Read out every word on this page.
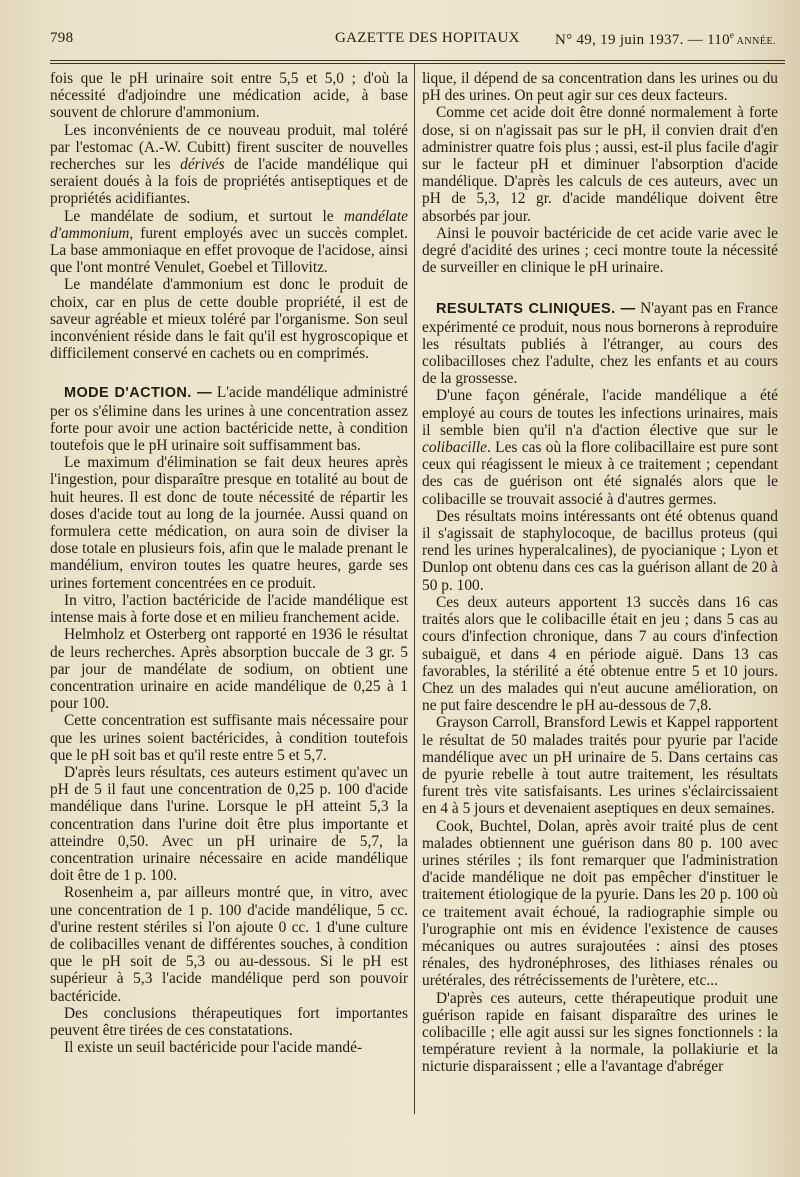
798	GAZETTE DES HOPITAUX N° 49, 19 juin 1937. — 110e ANNÉE.

fois que le pH urinaire soit entre 5,5 et 5,0 ; d'où la nécessité d'adjoindre une médication acide, à base souvent de chlorure d'ammonium.

Les inconvénients de ce nouveau produit, mal toléré par l'estomac (A.-W. Cubitt) firent susciter de nouvelles recherches sur les dérivés de l'acide mandélique qui seraient doués à la fois de propriétés antiseptiques et de propriétés acidifiantes.

Le mandélate de sodium, et surtout le mandélate d'ammonium, furent employés avec un succès complet. La base ammoniaque en effet provoque de l'acidose, ainsi que l'ont montré Venulet, Goebel et Tillovitz.

Le mandélate d'ammonium est donc le produit de choix, car en plus de cette double propriété, il est de saveur agréable et mieux toléré par l'organisme. Son seul inconvénient réside dans le fait qu'il est hygroscopique et difficilement conservé en cachets ou en comprimés.

MODE D'ACTION. — L'acide mandélique administré per os s'élimine dans les urines à une concentration assez forte pour avoir une action bactéricide nette, à condition toutefois que le pH urinaire soit suffisamment bas.

Le maximum d'élimination se fait deux heures après l'ingestion, pour disparaître presque en totalité au bout de huit heures. Il est donc de toute nécessité de répartir les doses d'acide tout au long de la journée. Aussi quand on formulera cette médication, on aura soin de diviser la dose totale en plusieurs fois, afin que le malade prenant le mandélium, environ toutes les quatre heures, garde ses urines fortement concentrées en ce produit.

In vitro, l'action bactéricide de l'acide mandélique est intense mais à forte dose et en milieu franchement acide.

Helmholz et Osterberg ont rapporté en 1936 le résultat de leurs recherches. Après absorption buccale de 3 gr. 5 par jour de mandélate de sodium, on obtient une concentration urinaire en acide mandélique de 0,25 à 1 pour 100.

Cette concentration est suffisante mais nécessaire pour que les urines soient bactéricides, à condition toutefois que le pH soit bas et qu'il reste entre 5 et 5,7.

D'après leurs résultats, ces auteurs estiment qu'avec un pH de 5 il faut une concentration de 0,25 p. 100 d'acide mandélique dans l'urine. Lorsque le pH atteint 5,3 la concentration dans l'urine doit être plus importante et atteindre 0,50. Avec un pH urinaire de 5,7, la concentration urinaire nécessaire en acide mandélique doit être de 1 p. 100.

Rosenheim a, par ailleurs montré que, in vitro, avec une concentration de 1 p. 100 d'acide mandélique, 5 cc. d'urine restent stériles si l'on ajoute 0 cc. 1 d'une culture de colibacilles venant de différentes souches, à condition que le pH soit de 5,3 ou au-dessous. Si le pH est supérieur à 5,3 l'acide mandélique perd son pouvoir bactéricide.

Des conclusions thérapeutiques fort importantes peuvent être tirées de ces constatations.

Il existe un seuil bactéricide pour l'acide mandé-

lique, il dépend de sa concentration dans les urines ou du pH des urines. On peut agir sur ces deux facteurs.

Comme cet acide doit être donné normalement à forte dose, si on n'agissait pas sur le pH, il convien drait d'en administrer quatre fois plus ; aussi, est-il plus facile d'agir sur le facteur pH et diminuer l'absorption d'acide mandélique. D'après les calculs de ces auteurs, avec un pH de 5,3, 12 gr. d'acide mandélique doivent être absorbés par jour.

Ainsi le pouvoir bactéricide de cet acide varie avec le degré d'acidité des urines ; ceci montre toute la nécessité de surveiller en clinique le pH urinaire.

RESULTATS CLINIQUES. — N'ayant pas en France expérimenté ce produit, nous nous bornerons à reproduire les résultats publiés à l'étranger, au cours des colibacilloses chez l'adulte, chez les enfants et au cours de la grossesse.

D'une façon générale, l'acide mandélique a été employé au cours de toutes les infections urinaires, mais il semble bien qu'il n'a d'action élective que sur le colibacille. Les cas où la flore colibacillaire est pure sont ceux qui réagissent le mieux à ce traitement ; cependant des cas de guérison ont été signalés alors que le colibacille se trouvait associé à d'autres germes.

Des résultats moins intéressants ont été obtenus quand il s'agissait de staphylocoque, de bacillus proteus (qui rend les urines hyperalcalines), de pyocianique ; Lyon et Dunlop ont obtenu dans ces cas la guérison allant de 20 à 50 p. 100.

Ces deux auteurs apportent 13 succès dans 16 cas traités alors que le colibacille était en jeu ; dans 5 cas au cours d'infection chronique, dans 7 au cours d'infection subaiguë, et dans 4 en période aiguë. Dans 13 cas favorables, la stérilité a été obtenue entre 5 et 10 jours. Chez un des malades qui n'eut aucune amélioration, on ne put faire descendre le pH au-dessous de 7,8.

Grayson Carroll, Bransford Lewis et Kappel rapportent le résultat de 50 malades traités pour pyurie par l'acide mandélique avec un pH urinaire de 5. Dans certains cas de pyurie rebelle à tout autre traitement, les résultats furent très vite satisfaisants. Les urines s'éclaircissaient en 4 à 5 jours et devenaient aseptiques en deux semaines.

Cook, Buchtel, Dolan, après avoir traité plus de cent malades obtiennent une guérison dans 80 p. 100 avec urines stériles ; ils font remarquer que l'administration d'acide mandélique ne doit pas empêcher d'instituer le traitement étiologique de la pyurie. Dans les 20 p. 100 où ce traitement avait échoué, la radiographie simple ou l'urographie ont mis en évidence l'existence de causes mécaniques ou autres surajoutées : ainsi des ptoses rénales, des hydronéphroses, des lithiases rénales ou urétérales, des rétrécissements de l'urètere, etc...

D'après ces auteurs, cette thérapeutique produit une guérison rapide en faisant disparaître des urines le colibacille ; elle agit aussi sur les signes fonctionnels : la température revient à la normale, la pollakiurie et la nicturie disparaissent ; elle a l'avantage d'abréger
